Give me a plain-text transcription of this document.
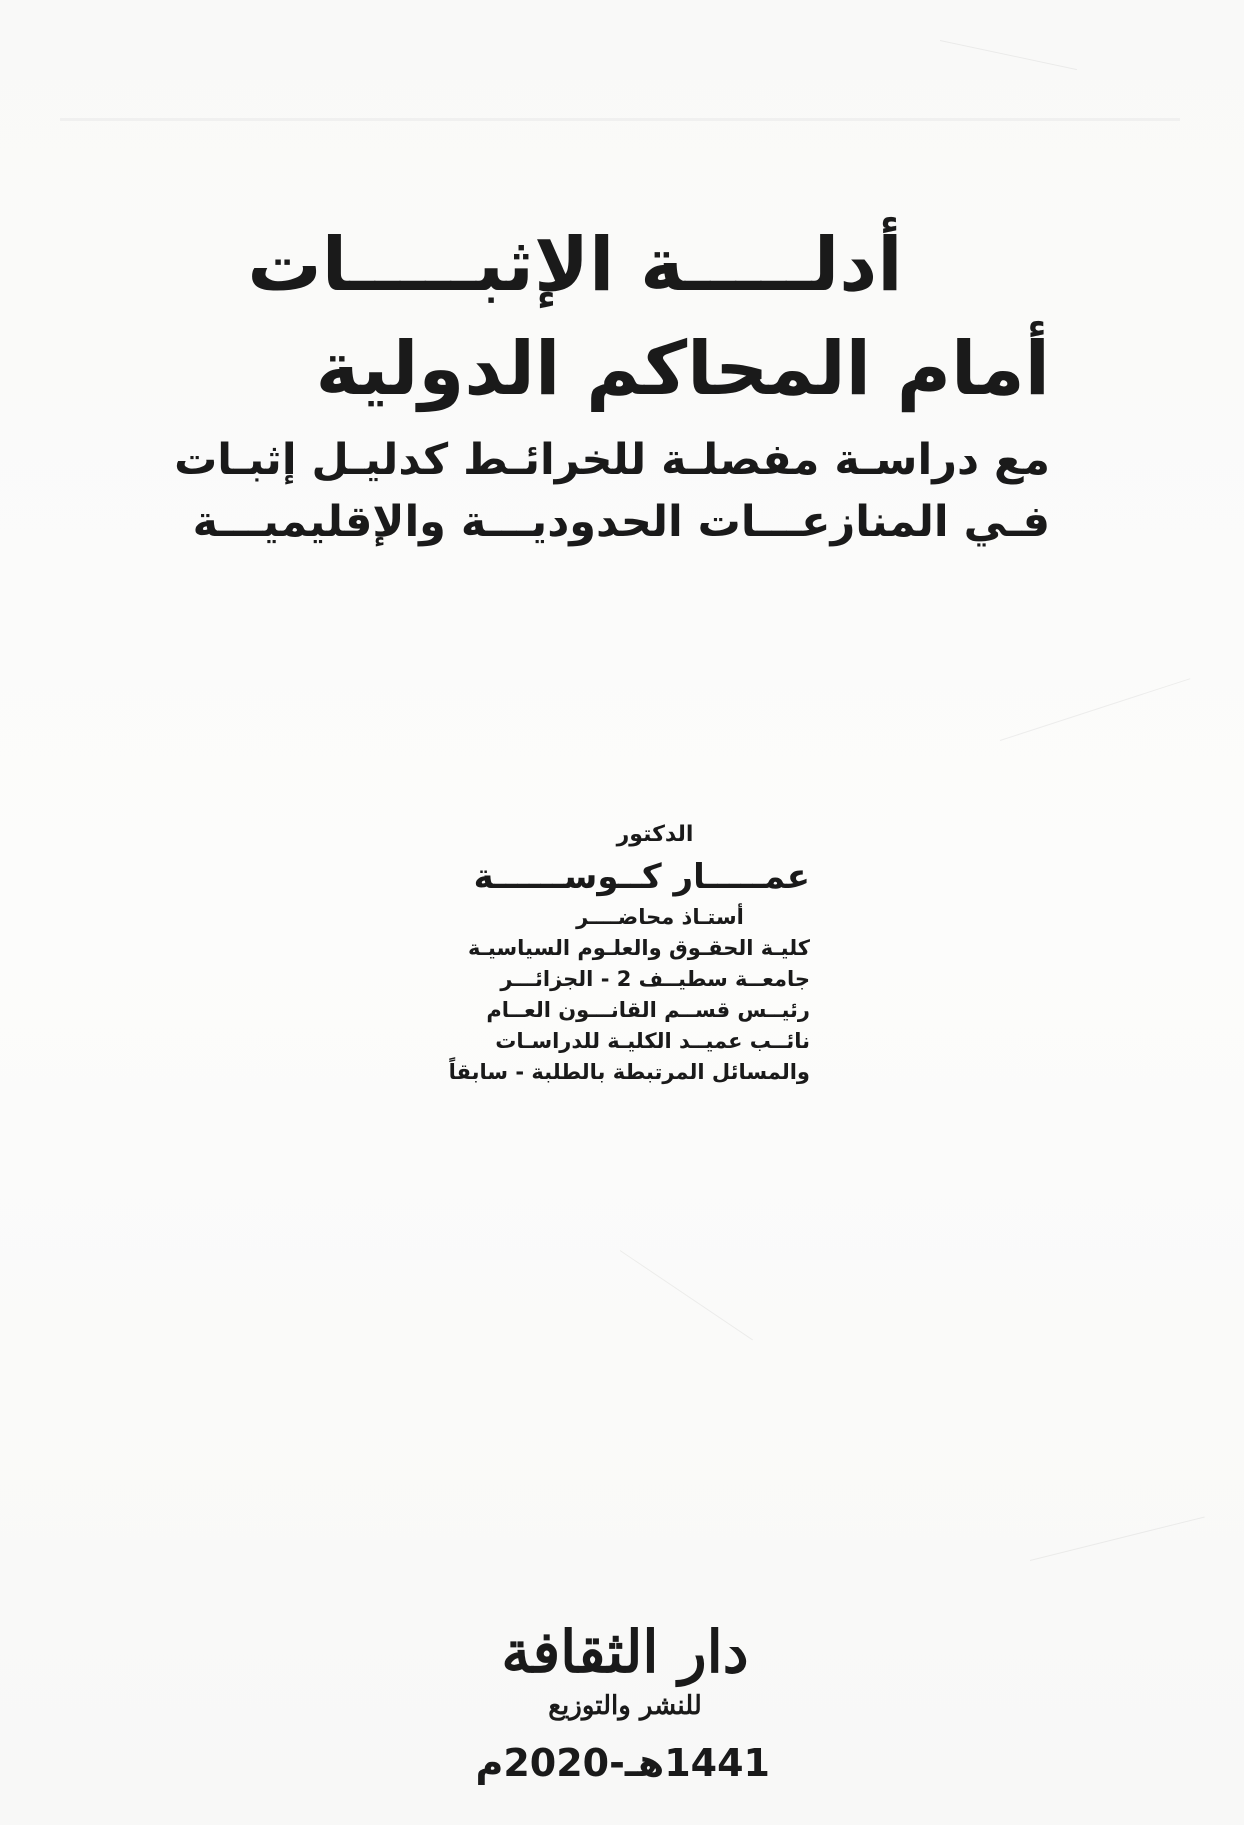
أدلـــــة الإثبـــــات
أمام المحاكم الدولية
مع دراسـة مفصلـة للخرائـط كدليـل إثبـات
فـي المنازعـــات الحدوديـــة والإقليميـــة
الدكتور
عمـــــار كــوســــــة
أستـاذ محاضــــر
كليـة الحقـوق والعلـوم السياسيـة
جامعــة سطيــف 2 - الجزائـــر
رئيــس قســم القانـــون العــام
نائــب عميــد الكليـة للدراسـات
والمسائل المرتبطة بالطلبة - سابقاً
دار الثقافة
للنشر والتوزيع
1441هـ-2020م
